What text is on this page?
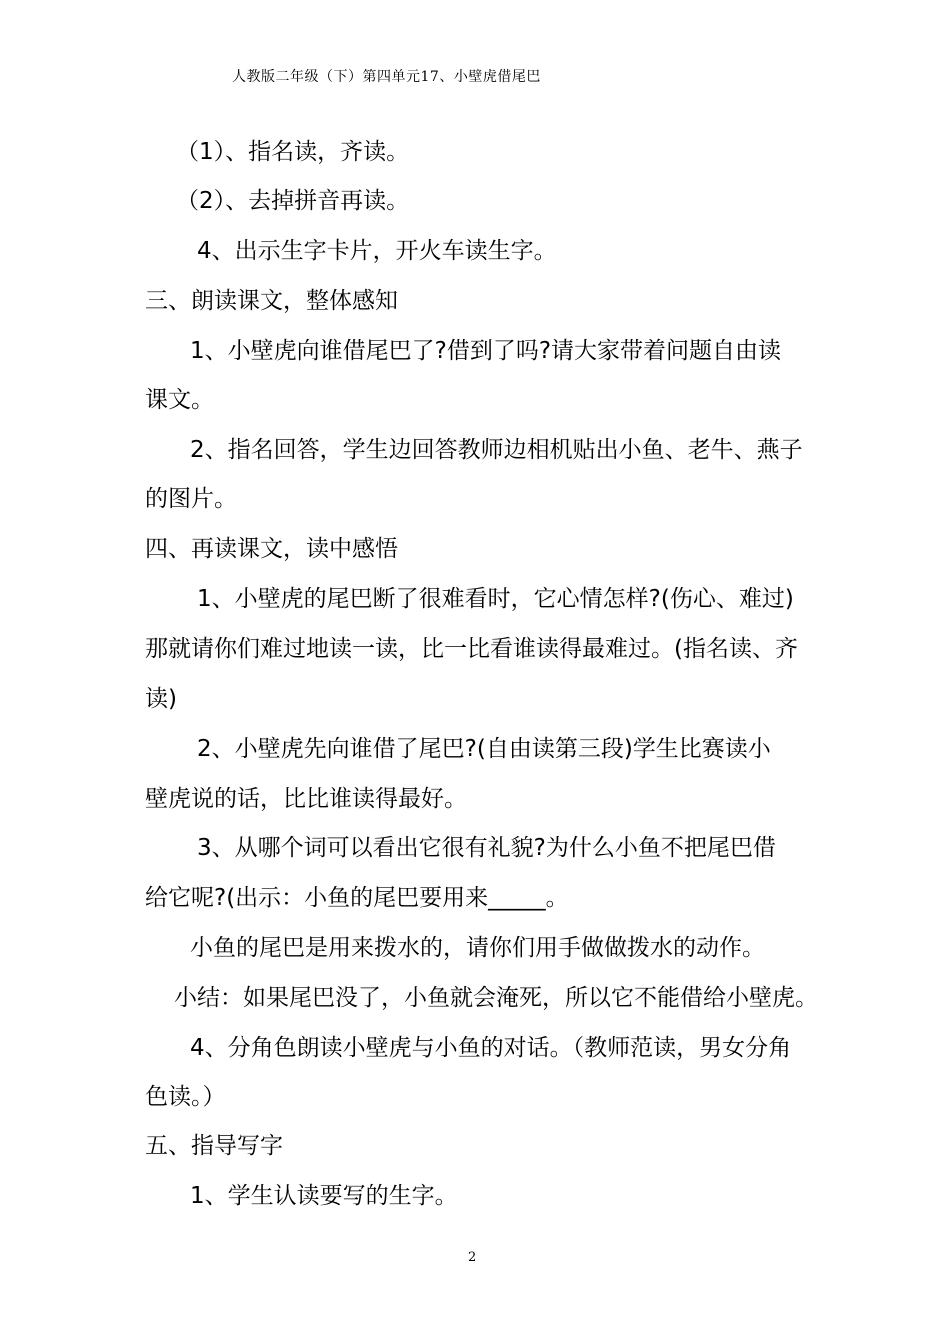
人教版二年级（下）第四单元17、小壁虎借尾巴
（1）、指名读，齐读。
（2）、去掉拼音再读。
4、出示生字卡片，开火车读生字。
三、朗读课文，整体感知
1、小壁虎向谁借尾巴了?借到了吗?请大家带着问题自由读
课文。
2、指名回答，学生边回答教师边相机贴出小鱼、老牛、燕子
的图片。
四、再读课文，读中感悟
1、小壁虎的尾巴断了很难看时，它心情怎样?(伤心、难过)
那就请你们难过地读一读，比一比看谁读得最难过。(指名读、齐
读)
2、小壁虎先向谁借了尾巴?(自由读第三段)学生比赛读小
壁虎说的话，比比谁读得最好。
3、从哪个词可以看出它很有礼貌?为什么小鱼不把尾巴借
给它呢?(出示：小鱼的尾巴要用来_____。
小鱼的尾巴是用来拨水的，请你们用手做做拨水的动作。
小结：如果尾巴没了，小鱼就会淹死，所以它不能借给小壁虎。
4、分角色朗读小壁虎与小鱼的对话。（教师范读，男女分角
色读。）
五、指导写字
1、学生认读要写的生字。
2
